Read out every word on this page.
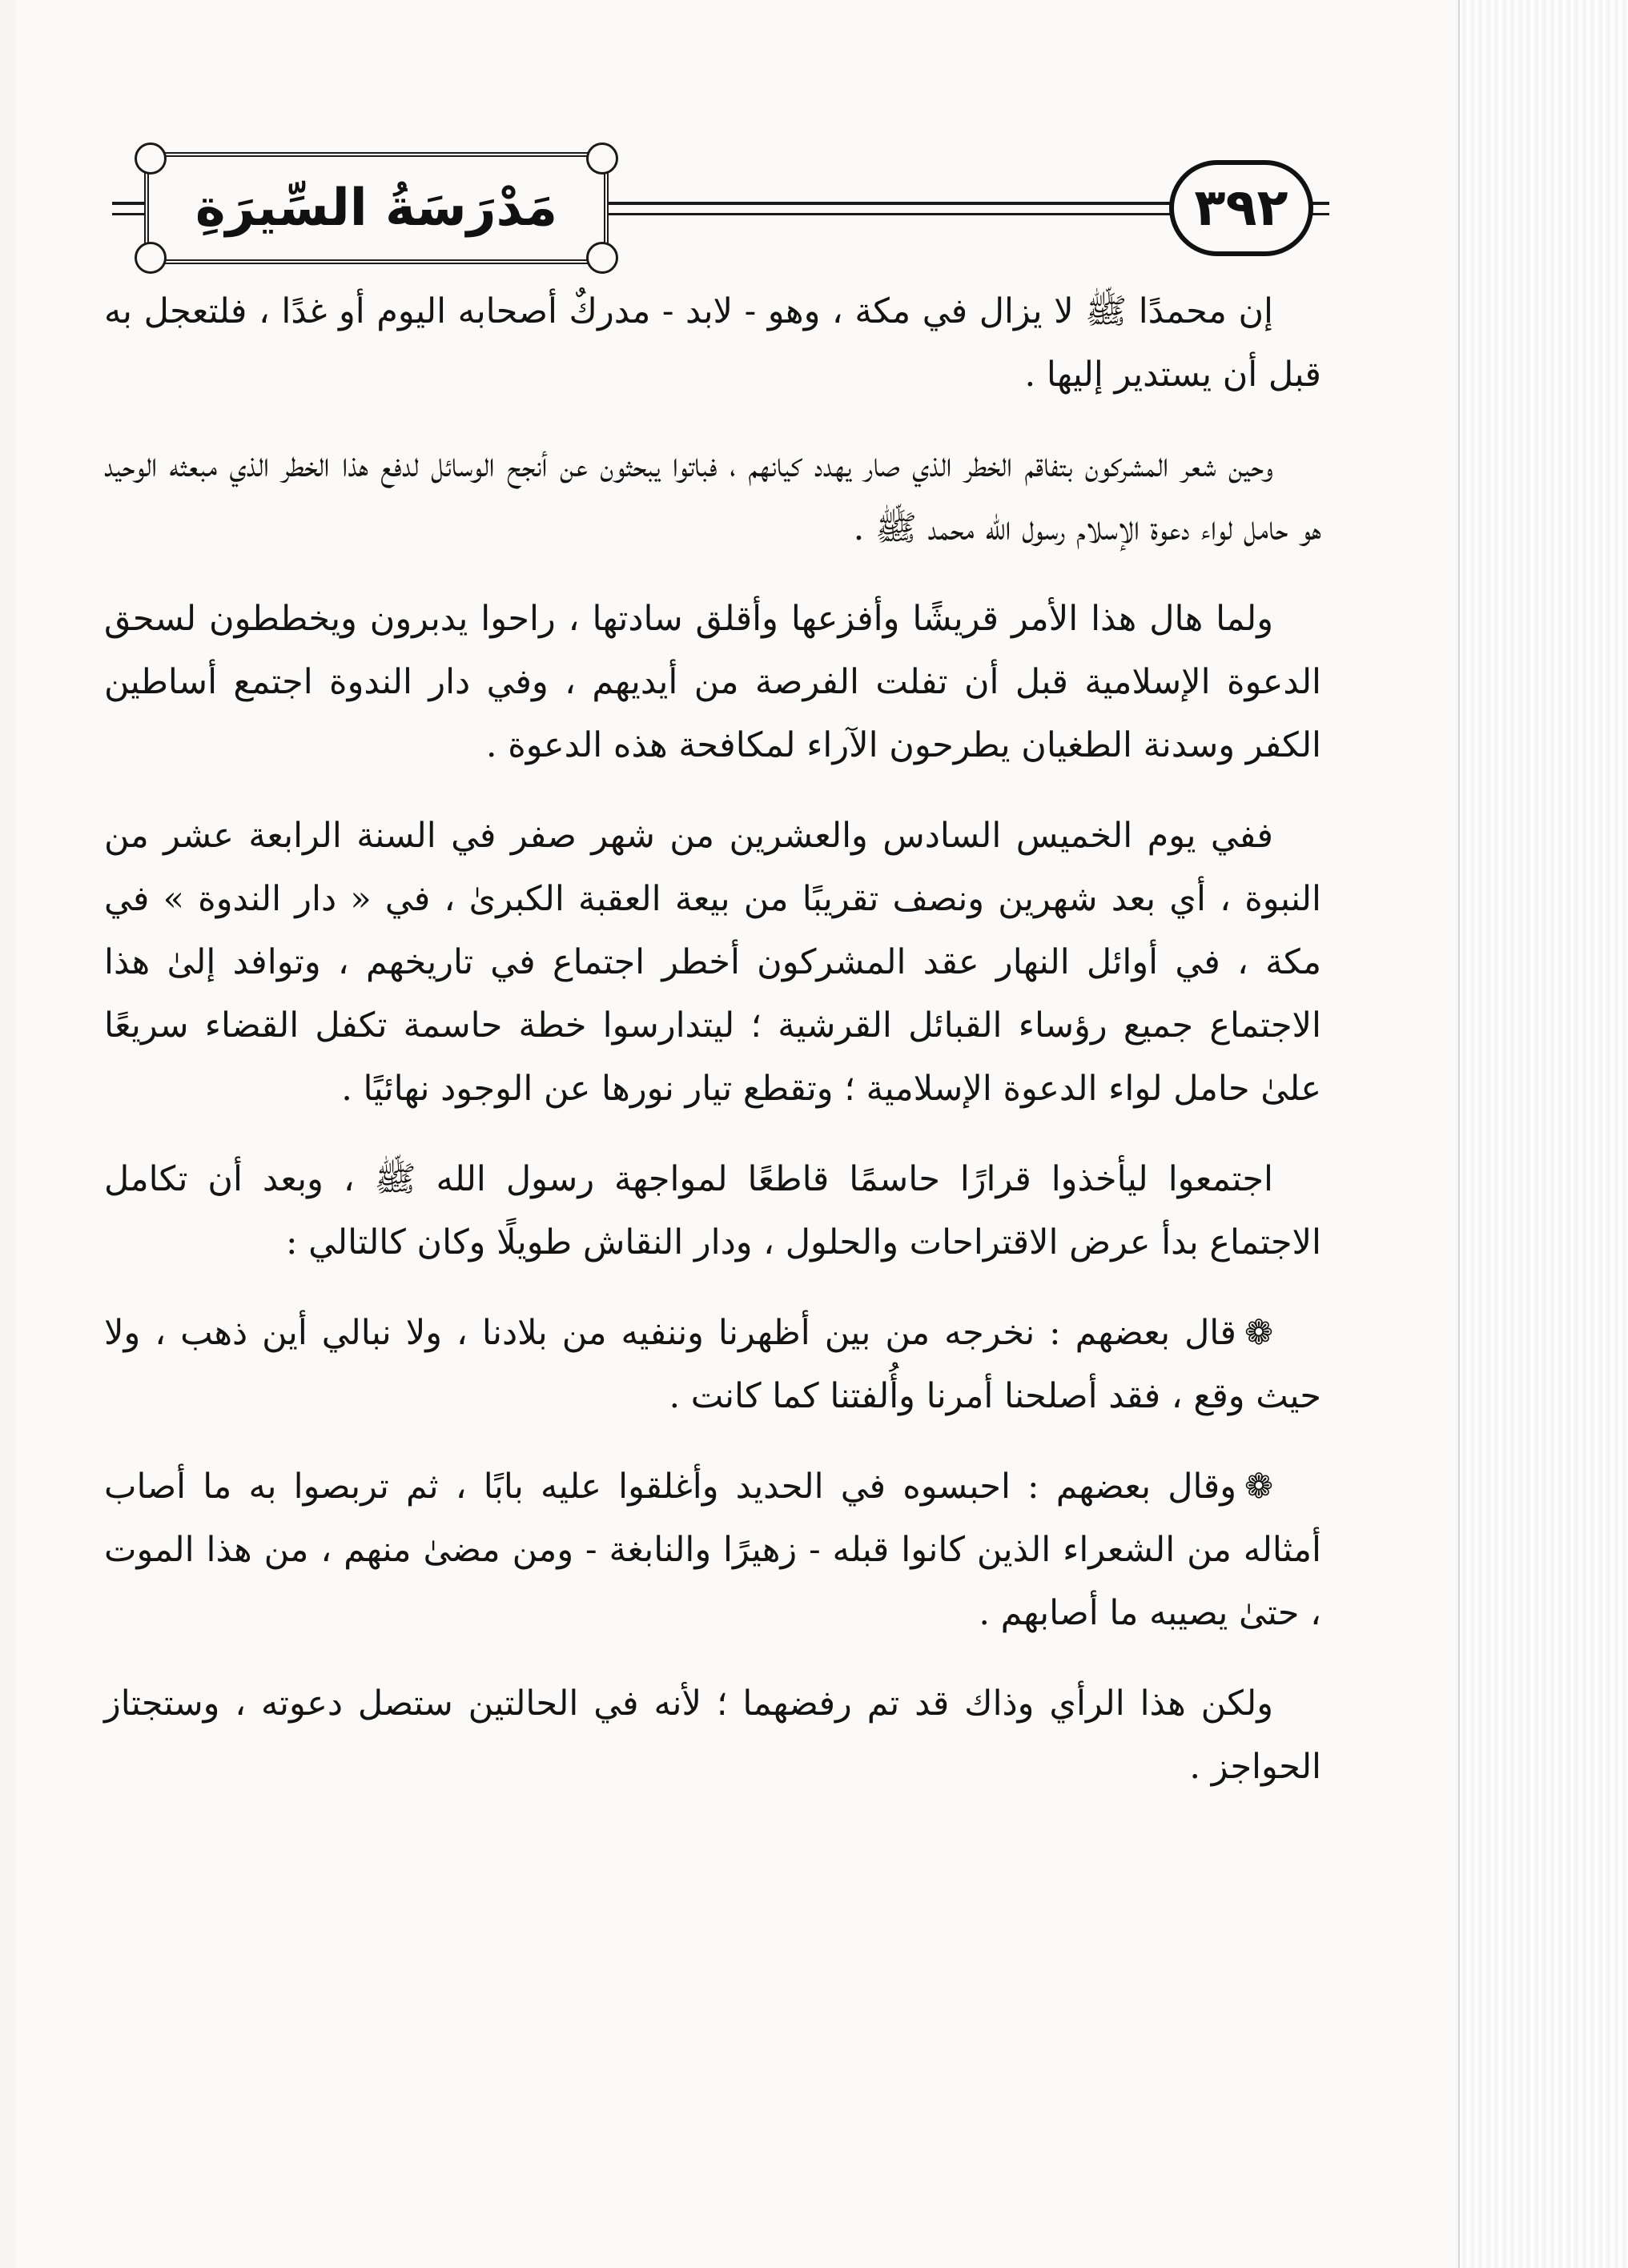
مَدْرَسَةُ السِّيرَةِ	٣٩٢

إن محمدًا ﷺ لا يزال في مكة ، وهو - لابد - مدركٌ أصحابه اليوم أو غدًا ، فلتعجل به قبل أن يستدير إليها .

وحين شعر المشركون بتفاقم الخطر الذي صار يهدد كيانهم ، فباتوا يبحثون عن أنجح الوسائل لدفع هذا الخطر الذي مبعثه الوحيد هو حامل لواء دعوة الإسلام رسول الله محمد ﷺ .

ولما هال هذا الأمر قريشًا وأفزعها وأقلق سادتها ، راحوا يدبرون ويخططون لسحق الدعوة الإسلامية قبل أن تفلت الفرصة من أيديهم ، وفي دار الندوة اجتمع أساطين الكفر وسدنة الطغيان يطرحون الآراء لمكافحة هذه الدعوة .

ففي يوم الخميس السادس والعشرين من شهر صفر في السنة الرابعة عشر من النبوة ، أي بعد شهرين ونصف تقريبًا من بيعة العقبة الكبرىٰ ، في « دار الندوة » في مكة ، في أوائل النهار عقد المشركون أخطر اجتماع في تاريخهم ، وتوافد إلىٰ هذا الاجتماع جميع رؤساء القبائل القرشية ؛ ليتدارسوا خطة حاسمة تكفل القضاء سريعًا علىٰ حامل لواء الدعوة الإسلامية ؛ وتقطع تيار نورها عن الوجود نهائيًا .

اجتمعوا ليأخذوا قرارًا حاسمًا قاطعًا لمواجهة رسول الله ﷺ ، وبعد أن تكامل الاجتماع بدأ عرض الاقتراحات والحلول ، ودار النقاش طويلًا وكان كالتالي :

❁قال بعضهم : نخرجه من بين أظهرنا وننفيه من بلادنا ، ولا نبالي أين ذهب ، ولا حيث وقع ، فقد أصلحنا أمرنا وأُلفتنا كما كانت .

❁وقال بعضهم : احبسوه في الحديد وأغلقوا عليه بابًا ، ثم تربصوا به ما أصاب أمثاله من الشعراء الذين كانوا قبله - زهيرًا والنابغة - ومن مضىٰ منهم ، من هذا الموت ، حتىٰ يصيبه ما أصابهم .

ولكن هذا الرأي وذاك قد تم رفضهما ؛ لأنه في الحالتين ستصل دعوته ، وستجتاز الحواجز .
